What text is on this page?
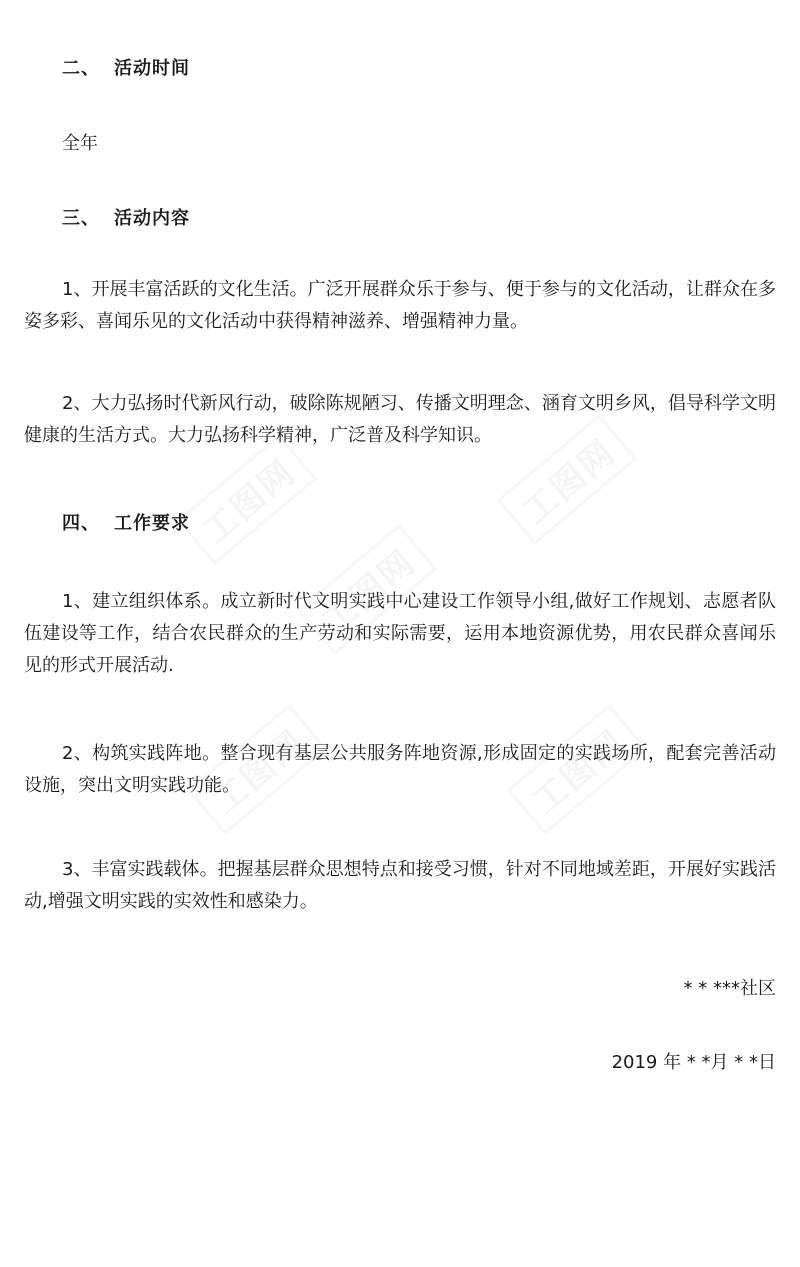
二、 活动时间
全年
三、 活动内容

1、开展丰富活跃的文化生活。广泛开展群众乐于参与、便于参与的文化活动，让群众在多姿多彩、喜闻乐见的文化活动中获得精神滋养、增强精神力量。

2、大力弘扬时代新风行动，破除陈规陋习、传播文明理念、涵育文明乡风，倡导科学文明健康的生活方式。大力弘扬科学精神，广泛普及科学知识。

四、 工作要求

1、建立组织体系。成立新时代文明实践中心建设工作领导小组,做好工作规划、志愿者队伍建设等工作，结合农民群众的生产劳动和实际需要，运用本地资源优势，用农民群众喜闻乐见的形式开展活动.

2、构筑实践阵地。整合现有基层公共服务阵地资源,形成固定的实践场所，配套完善活动设施，突出文明实践功能。

3、丰富实践载体。把握基层群众思想特点和接受习惯，针对不同地域差距，开展好实践活动,增强文明实践的实效性和感染力。

* * ***社区
2019 年 * *月 * *日
工图网	工图网
工图网
工图网	工图网
